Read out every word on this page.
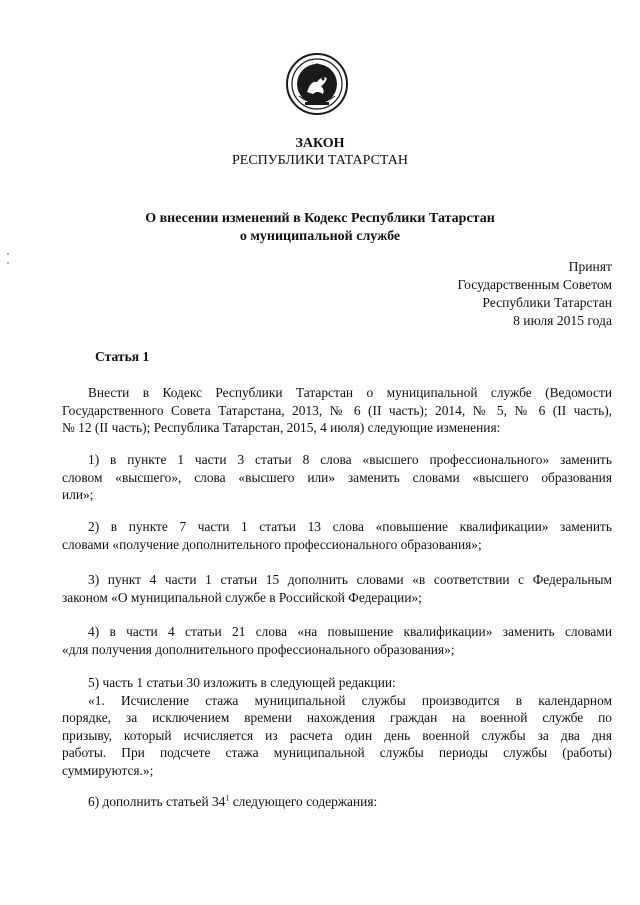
ЗАКОН
РЕСПУБЛИКИ ТАТАРСТАН
О внесении изменений в Кодекс Республики Татарстан
о муниципальной службе
Принят
Государственным Советом
Республики Татарстан
8 июля 2015 года
Статья 1
Внести в Кодекс Республики Татарстан о муниципальной службе (Ведомости
Государственного Совета Татарстана, 2013, № 6 (II часть); 2014, № 5, № 6 (II часть),
№ 12 (II часть); Республика Татарстан, 2015, 4 июля) следующие изменения:
1) в пункте 1 части 3 статьи 8 слова «высшего профессионального» заменить
словом «высшего», слова «высшего или» заменить словами «высшего образования
или»;
2) в пункте 7 части 1 статьи 13 слова «повышение квалификации» заменить
словами «получение дополнительного профессионального образования»;
3) пункт 4 части 1 статьи 15 дополнить словами «в соответствии с Федеральным
законом «О муниципальной службе в Российской Федерации»;
4) в части 4 статьи 21 слова «на повышение квалификации» заменить словами
«для получения дополнительного профессионального образования»;
5) часть 1 статьи 30 изложить в следующей редакции:
«1. Исчисление стажа муниципальной службы производится в календарном
порядке, за исключением времени нахождения граждан на военной службе по
призыву, который исчисляется из расчета один день военной службы за два дня
работы. При подсчете стажа муниципальной службы периоды службы (работы)
суммируются.»;
6) дополнить статьей $34^1$ следующего содержания:
